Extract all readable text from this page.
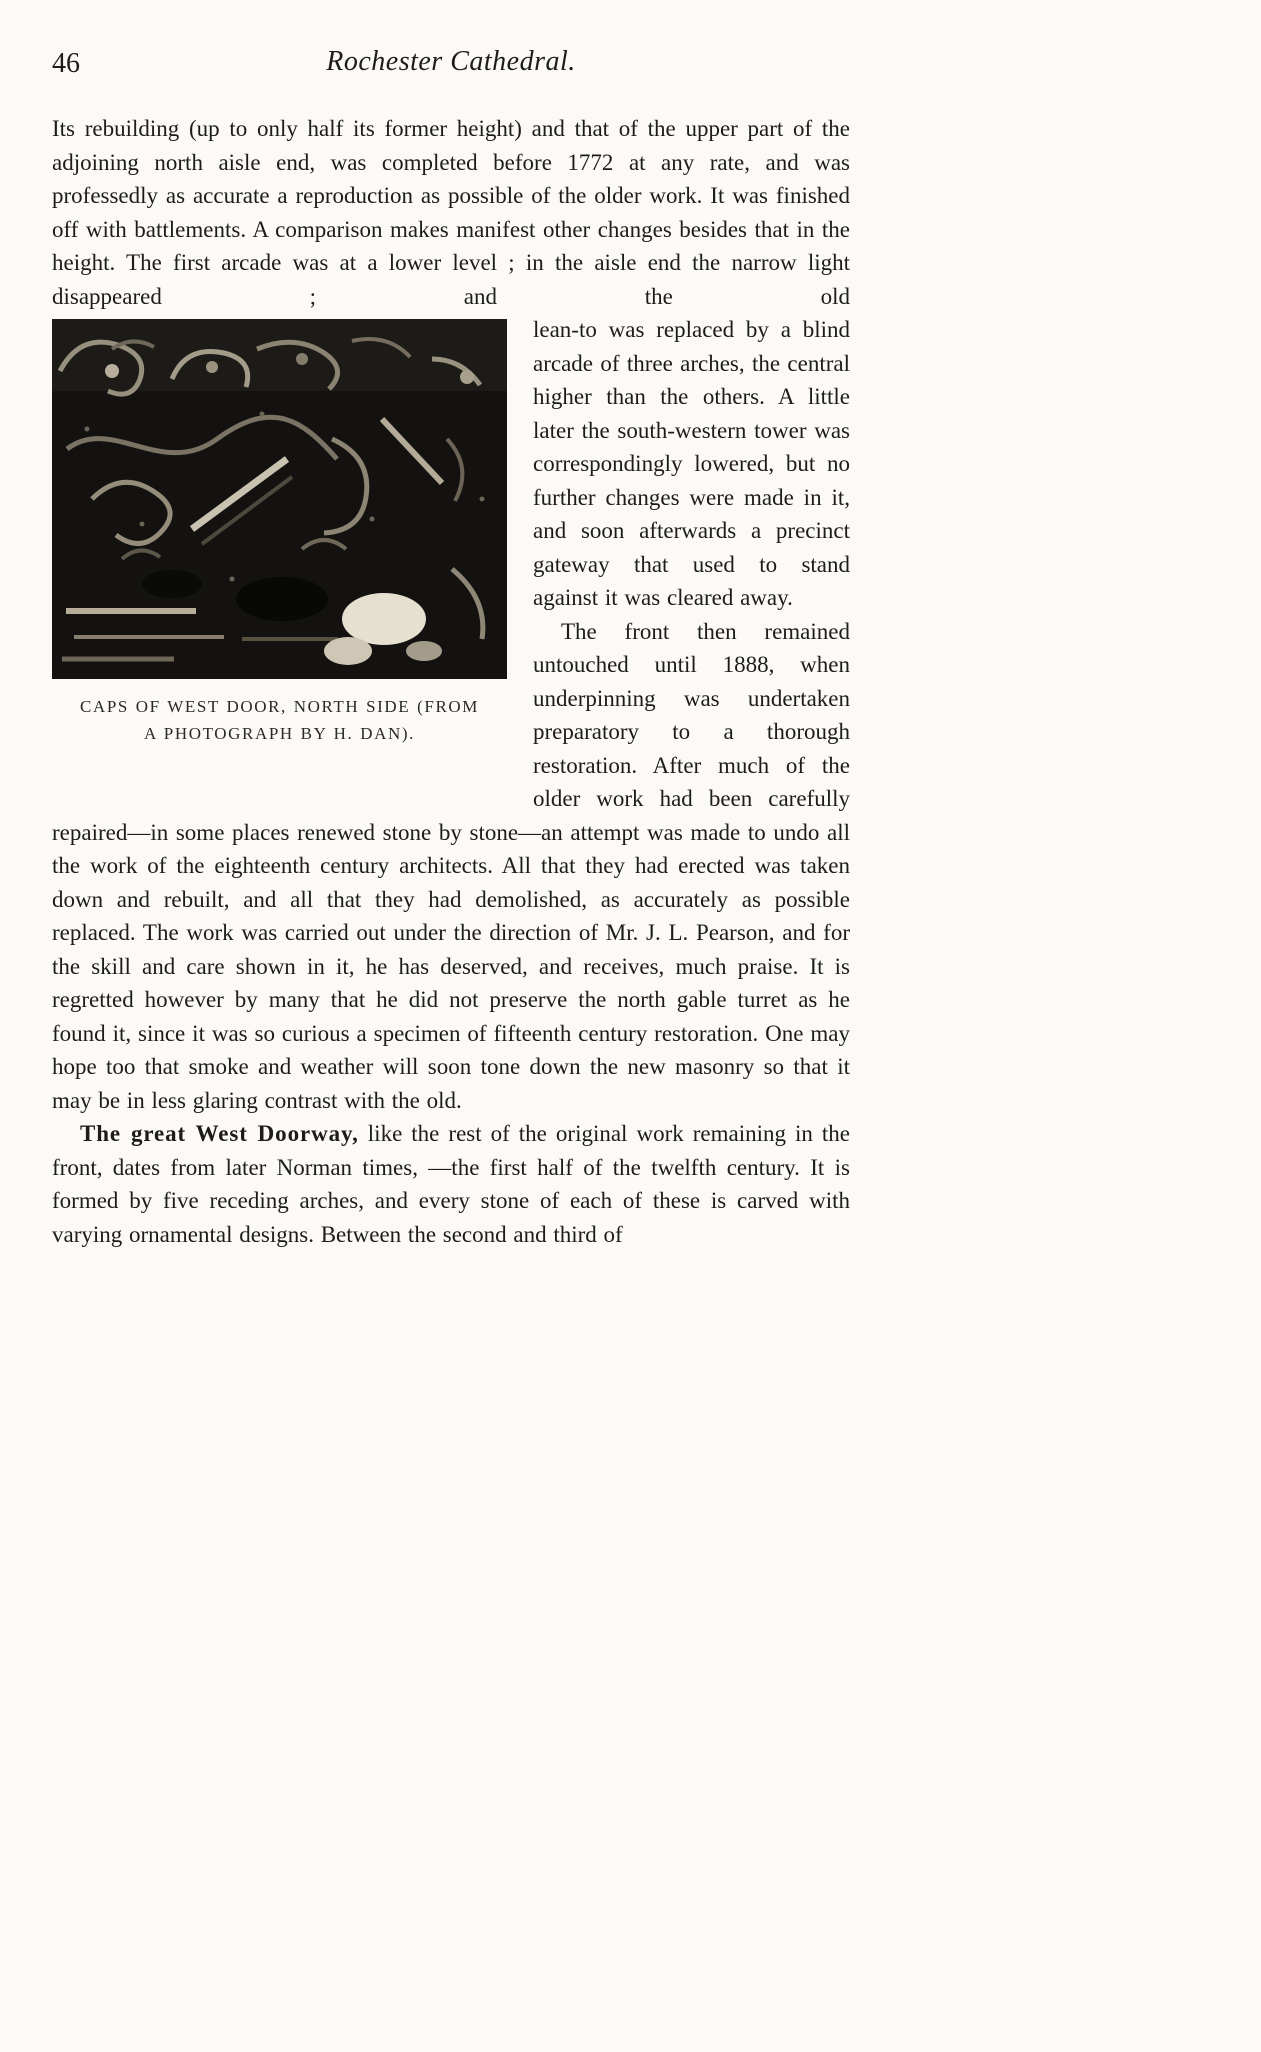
46	Rochester Cathedral.

Its rebuilding (up to only half its former height) and that of the upper part of the adjoining north aisle end, was completed before 1772 at any rate, and was professedly as accurate a reproduction as possible of the older work. It was finished off with battlements. A comparison makes manifest other changes besides that in the height. The first arcade was at a lower level ; in the aisle end the narrow light disappeared ; and the old

CAPS OF WEST DOOR, NORTH SIDE (FROM
A PHOTOGRAPH BY H. DAN).
lean-to was replaced by a blind arcade of three arches, the central higher than the others. A little later the south-western tower was correspondingly lowered, but no further changes were made in it, and soon afterwards a precinct gateway that used to stand against it was cleared away.

The front then remained untouched until 1888, when underpinning was undertaken preparatory to a thorough restoration. After much of the older work had been carefully repaired—in some places renewed stone by stone—an attempt was made to undo all the work of the eighteenth century architects. All that they had erected was taken down and rebuilt, and all that they had demolished, as accurately as possible replaced. The work was carried out under the direction of Mr. J. L. Pearson, and for the skill and care shown in it, he has deserved, and receives, much praise. It is regretted however by many that he did not preserve the north gable turret as he found it, since it was so curious a specimen of fifteenth century restoration. One may hope too that smoke and weather will soon tone down the new masonry so that it may be in less glaring contrast with the old.

The great West Doorway, like the rest of the original work remaining in the front, dates from later Norman times, —the first half of the twelfth century. It is formed by five receding arches, and every stone of each of these is carved with varying ornamental designs. Between the second and third of
